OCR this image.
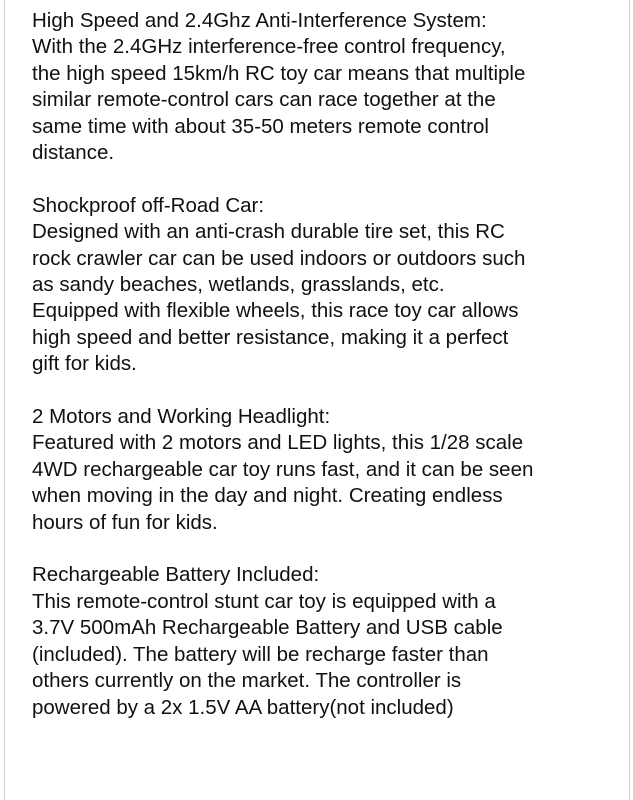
High Speed and 2.4Ghz Anti-Interference System:
With the 2.4GHz interference-free control frequency,
the high speed 15km/h RC toy car means that multiple
similar remote-control cars can race together at the
same time with about 35-50 meters remote control
distance.
Shockproof off-Road Car:
Designed with an anti-crash durable tire set, this RC
rock crawler car can be used indoors or outdoors such
as sandy beaches, wetlands, grasslands, etc.
Equipped with flexible wheels, this race toy car allows
high speed and better resistance, making it a perfect
gift for kids.
2 Motors and Working Headlight:
Featured with 2 motors and LED lights, this 1/28 scale
4WD rechargeable car toy runs fast, and it can be seen
when moving in the day and night. Creating endless
hours of fun for kids.
Rechargeable Battery Included:
This remote-control stunt car toy is equipped with a
3.7V 500mAh Rechargeable Battery and USB cable
(included). The battery will be recharge faster than
others currently on the market. The controller is
powered by a 2x 1.5V AA battery(not included)
